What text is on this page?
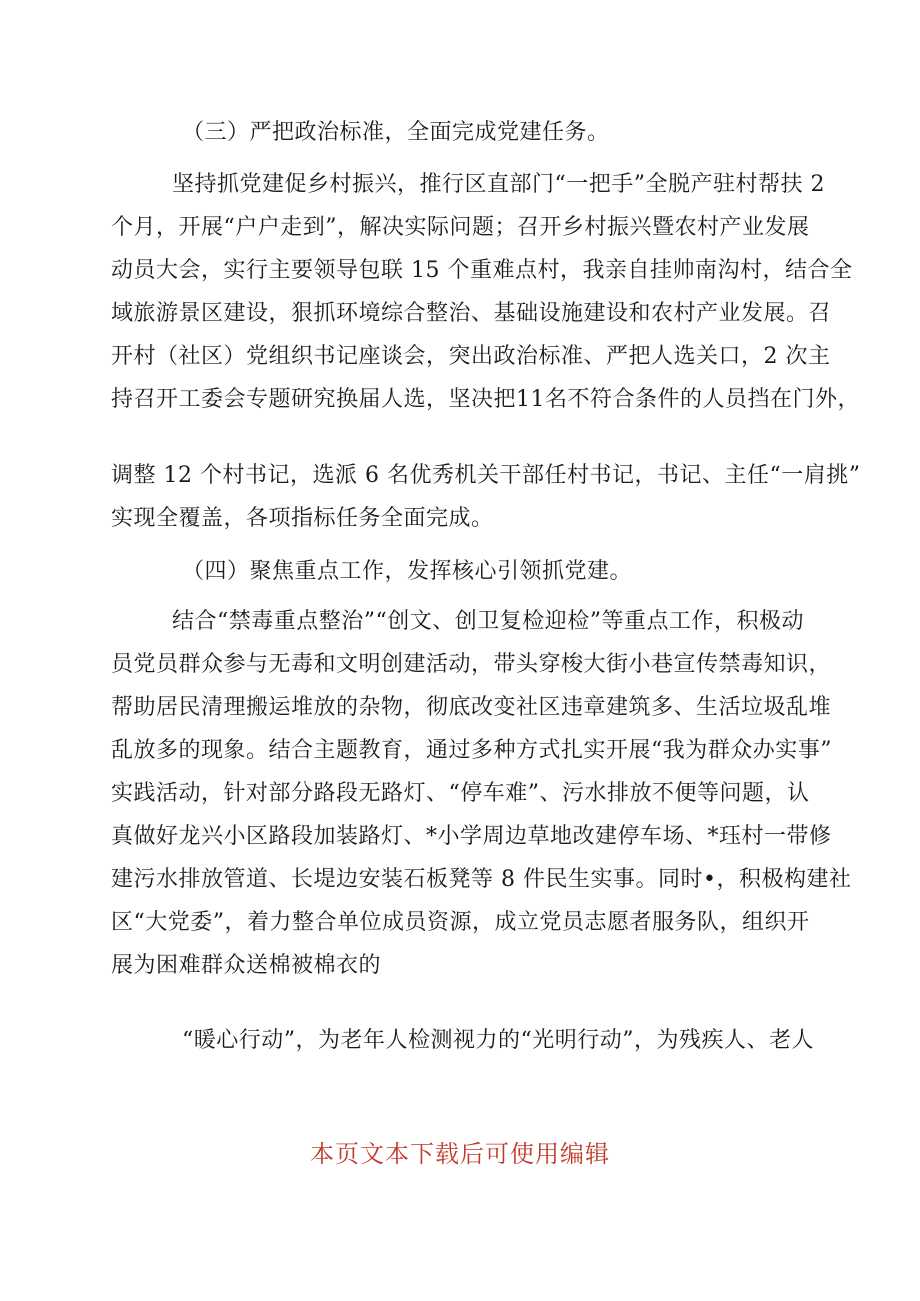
（三）严把政治标准，全面完成党建任务。
坚持抓党建促乡村振兴，推行区直部门“一把手”全脱产驻村帮扶 2
个月，开展“户户走到”，解决实际问题；召开乡村振兴暨农村产业发展
动员大会，实行主要领导包联 15 个重难点村，我亲自挂帅南沟村，结合全
域旅游景区建设，狠抓环境综合整治、基础设施建设和农村产业发展。召
开村（社区）党组织书记座谈会，突出政治标准、严把人选关口，2 次主
持召开工委会专题研究换届人选，坚决把11名不符合条件的人员挡在门外，
调整 12 个村书记，选派 6 名优秀机关干部任村书记，书记、主任“一肩挑”
实现全覆盖，各项指标任务全面完成。
（四）聚焦重点工作，发挥核心引领抓党建。
结合“禁毒重点整治”“创文、创卫复检迎检”等重点工作，积极动
员党员群众参与无毒和文明创建活动，带头穿梭大街小巷宣传禁毒知识，
帮助居民清理搬运堆放的杂物，彻底改变社区违章建筑多、生活垃圾乱堆
乱放多的现象。结合主题教育，通过多种方式扎实开展“我为群众办实事”
实践活动，针对部分路段无路灯、“停车难”、污水排放不便等问题，认
真做好龙兴小区路段加装路灯、*小学周边草地改建停车场、*珏村一带修
建污水排放管道、长堤边安装石板凳等 8 件民生实事。同时•，积极构建社
区“大党委”，着力整合单位成员资源，成立党员志愿者服务队，组织开
展为困难群众送棉被棉衣的
“暖心行动”，为老年人检测视力的“光明行动”，为残疾人、老人
本页文本下载后可使用编辑
